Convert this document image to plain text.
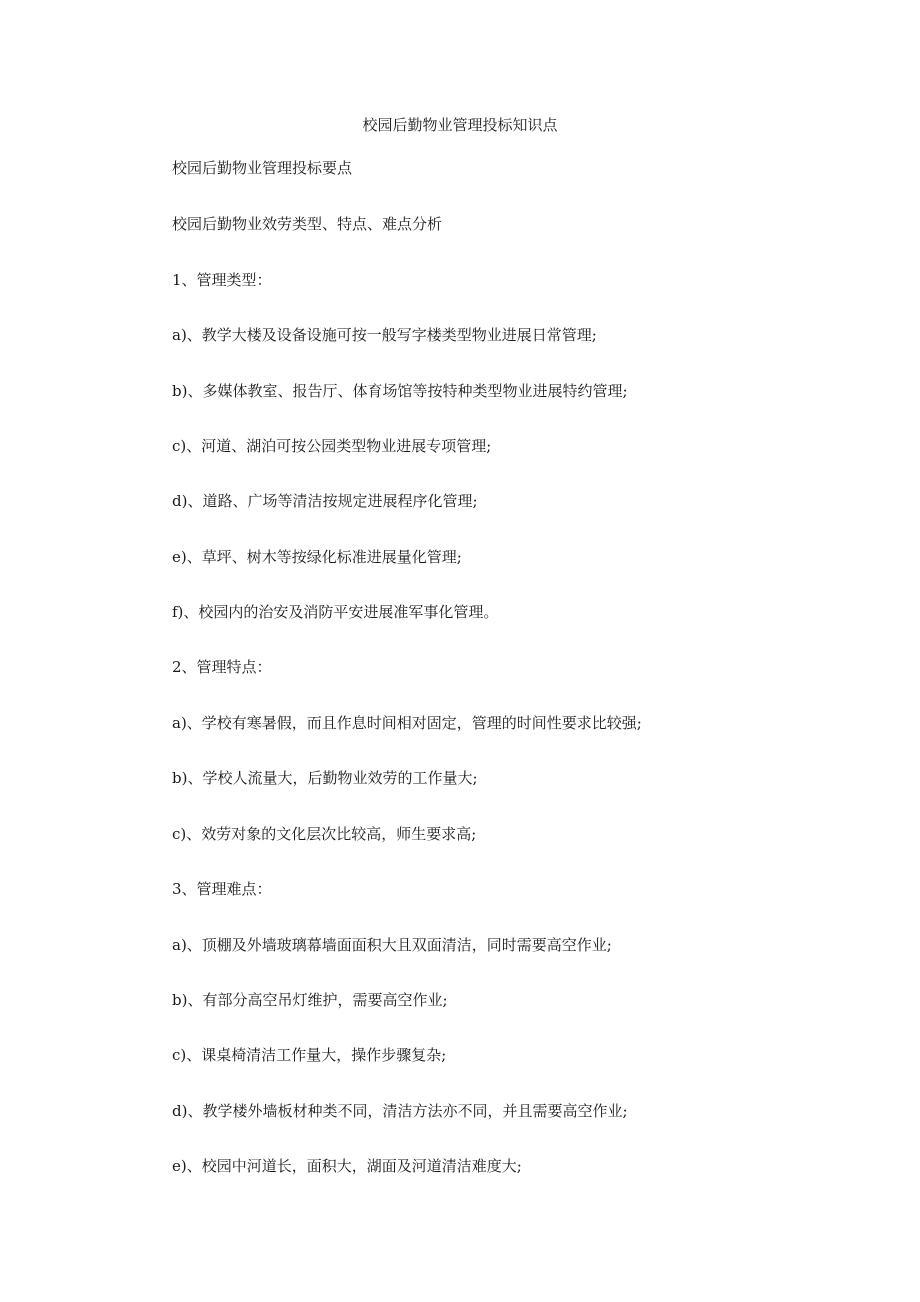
校园后勤物业管理投标知识点
校园后勤物业管理投标要点
校园后勤物业效劳类型、特点、难点分析
1、管理类型：
a)、教学大楼及设备设施可按一般写字楼类型物业进展日常管理;
b)、多媒体教室、报告厅、体育场馆等按特种类型物业进展特约管理;
c)、河道、湖泊可按公园类型物业进展专项管理;
d)、道路、广场等清洁按规定进展程序化管理;
e)、草坪、树木等按绿化标准进展量化管理;
f)、校园内的治安及消防平安进展准军事化管理。
2、管理特点：
a)、学校有寒暑假，而且作息时间相对固定，管理的时间性要求比较强;
b)、学校人流量大，后勤物业效劳的工作量大;
c)、效劳对象的文化层次比较高，师生要求高;
3、管理难点：
a)、顶棚及外墙玻璃幕墙面面积大且双面清洁，同时需要高空作业;
b)、有部分高空吊灯维护，需要高空作业;
c)、课桌椅清洁工作量大，操作步骤复杂;
d)、教学楼外墙板材种类不同，清洁方法亦不同，并且需要高空作业;
e)、校园中河道长，面积大，湖面及河道清洁难度大;
